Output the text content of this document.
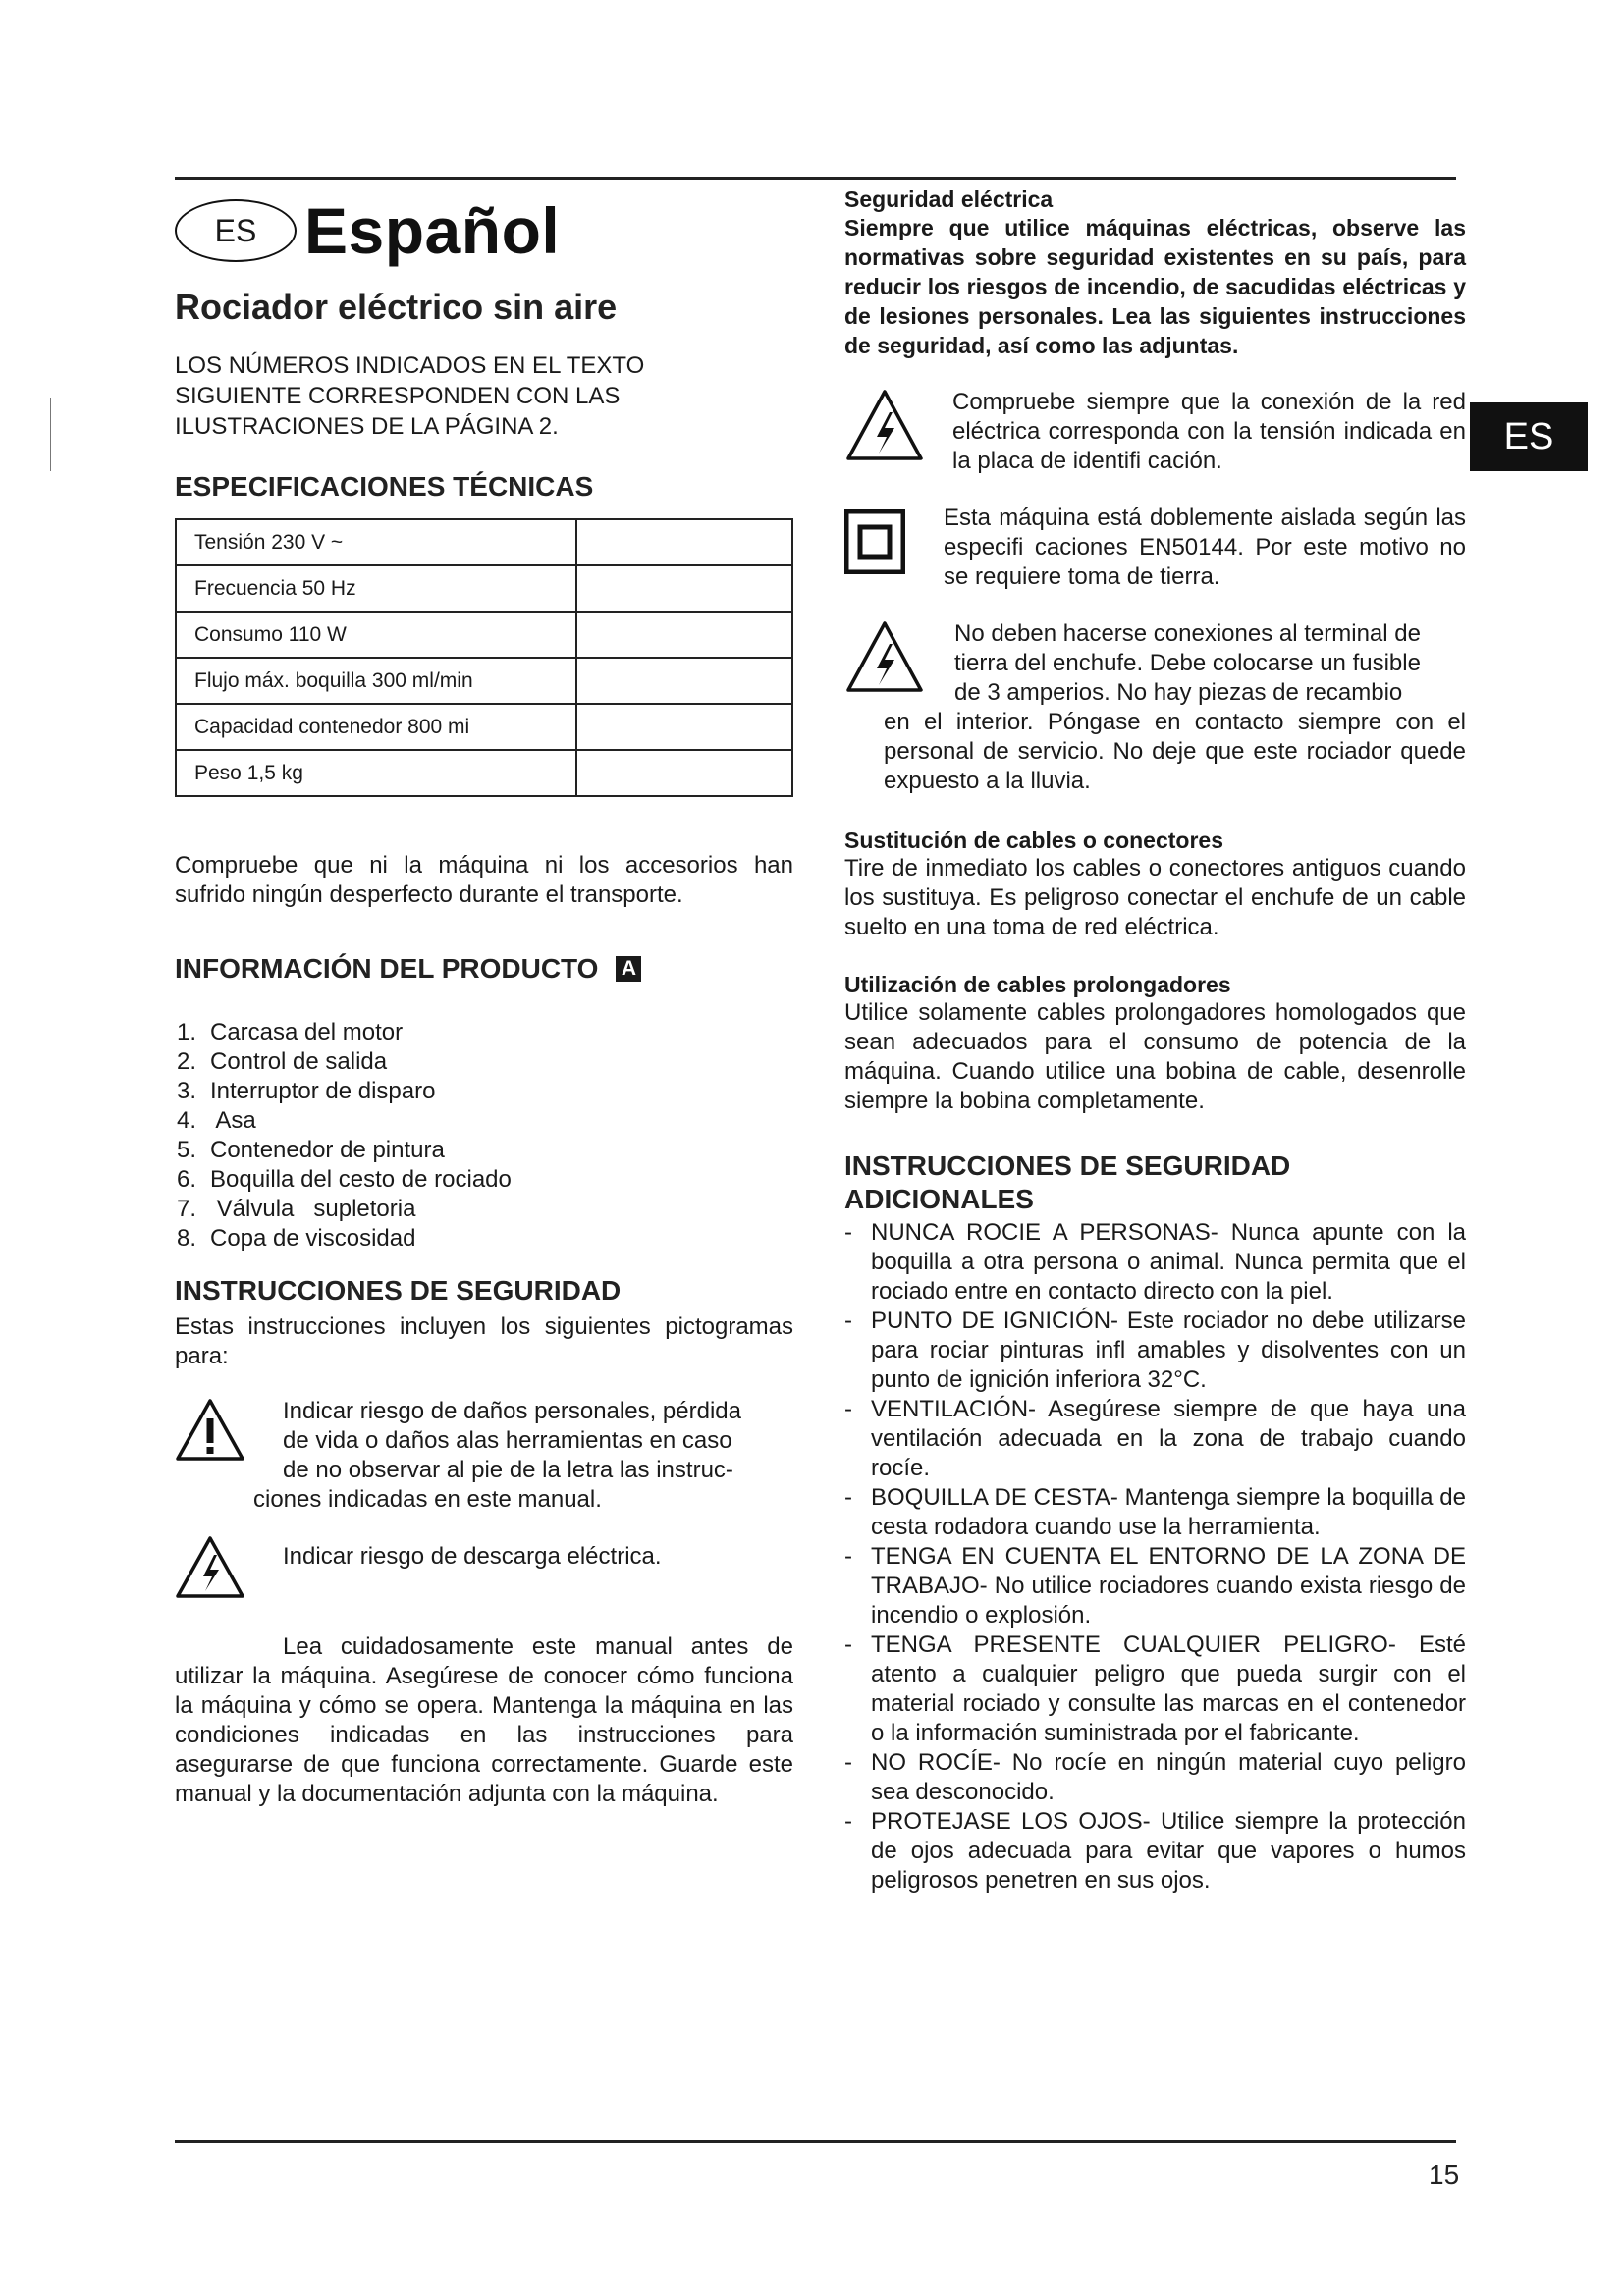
ES Español
Rociador eléctrico sin aire
LOS NÚMEROS INDICADOS EN EL TEXTO
SIGUIENTE CORRESPONDEN CON LAS
ILUSTRACIONES DE LA PÁGINA 2.
ESPECIFICACIONES TÉCNICAS
Tensión 230 V ~	
Frecuencia 50 Hz	
Consumo 110 W	
Flujo máx. boquilla 300 ml/min	
Capacidad contenedor 800 mi	
Peso 1,5 kg	
Compruebe que ni la máquina ni los accesorios han sufrido ningún desperfecto durante el transporte.
INFORMACIÓN DEL PRODUCTO A
1. Carcasa del motor
2. Control de salida
3. Interruptor de disparo
4. Asa
5. Contenedor de pintura
6. Boquilla del cesto de rociado
7. Válvula   supletoria
8. Copa de viscosidad
INSTRUCCIONES DE SEGURIDAD
Estas instrucciones incluyen los siguientes pictogramas para:
Indicar riesgo de daños personales, pérdida
de vida o daños alas herramientas en caso
de no observar al pie de la letra las instruc-
ciones indicadas en este manual.
Indicar riesgo de descarga eléctrica.
Lea cuidadosamente este manual antes de utilizar la máquina. Asegúrese de conocer cómo funciona la máquina y cómo se opera. Mantenga la máquina en las condiciones indicadas en las instrucciones para asegurarse de que funciona correctamente. Guarde este manual y la documentación adjunta con la máquina.
Seguridad eléctrica
Siempre que utilice máquinas eléctricas, observe las normativas sobre seguridad existentes en su país, para reducir los riesgos de incendio, de sacudidas eléctricas y de lesiones personales. Lea las siguientes instrucciones de seguridad, así como las adjuntas.
Compruebe siempre que la conexión de la red eléctrica corresponda con la tensión indicada en la placa de identifi cación.
Esta máquina está doblemente aislada según las especifi caciones EN50144. Por este motivo no se requiere toma de tierra.
No deben hacerse conexiones al terminal de
tierra del enchufe. Debe colocarse un fusible
de 3 amperios. No hay piezas de recambio
en el interior. Póngase en contacto siempre con el personal de servicio. No deje que este rociador quede expuesto a la lluvia.
Sustitución de cables o conectores
Tire de inmediato los cables o conectores antiguos cuando los sustituya. Es peligroso conectar el enchufe de un cable suelto en una toma de red eléctrica.
Utilización de cables prolongadores
Utilice solamente cables prolongadores homologados que sean adecuados para el consumo de potencia de la máquina. Cuando utilice una bobina de cable, desenrolle siempre la bobina completamente.
INSTRUCCIONES DE SEGURIDAD ADICIONALES
- NUNCA ROCIE A PERSONAS- Nunca apunte con la boquilla a otra persona o animal. Nunca permita que el rociado entre en contacto directo con la piel.
- PUNTO DE IGNICIÓN- Este rociador no debe utilizarse para rociar pinturas infl amables y disolventes con un punto de ignición inferiora 32°C.
- VENTILACIÓN- Asegúrese siempre de que haya una ventilación adecuada en la zona de trabajo cuando rocíe.
- BOQUILLA DE CESTA- Mantenga siempre la boquilla de cesta rodadora cuando use la herramienta.
- TENGA EN CUENTA EL ENTORNO DE LA ZONA DE TRABAJO- No utilice rociadores cuando exista riesgo de incendio o explosión.
- TENGA PRESENTE CUALQUIER PELIGRO- Esté atento a cualquier peligro que pueda surgir con el material rociado y consulte las marcas en el contenedor o la información suministrada por el fabricante.
- NO ROCÍE- No rocíe en ningún material cuyo peligro sea desconocido.
- PROTEJASE LOS OJOS- Utilice siempre la protección de ojos adecuada para evitar que vapores o humos peligrosos penetren en sus ojos.
ES
15
